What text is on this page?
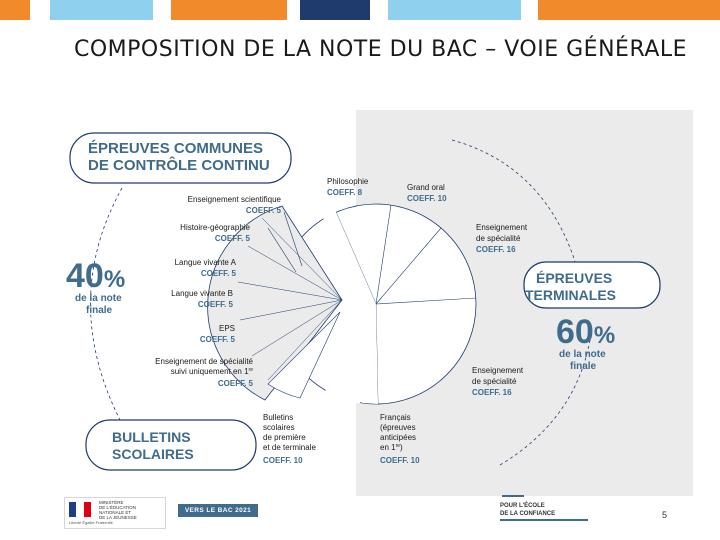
COMPOSITION DE LA NOTE DU BAC – VOIE GÉNÉRALE
ÉPREUVES COMMUNES
DE CONTRÔLE CONTINU
40%
de la note
finale
Enseignement scientifique
COEFF. 5
Histoire-géographie
COEFF. 5
Langue vivante A
COEFF. 5
Langue vivante B
COEFF. 5
EPS
COEFF. 5
Enseignement de spécialité
suivi uniquement en 1re
COEFF. 5
Bulletins
scolaires
de première
et de terminale
COEFF. 10
BULLETINS
SCOLAIRES
Philosophie
COEFF. 8
Grand oral
COEFF. 10
Enseignement
de spécialité
COEFF. 16
ÉPREUVES
TERMINALES
60%
de la note
finale
Enseignement
de spécialité
COEFF. 16
Français
(épreuves
anticipées
en 1re)
COEFF. 10
MINISTÈRE
DE L'ÉDUCATION
NATIONALE ET
DE LA JEUNESSE
Liberté Égalité Fraternité
VERS LE BAC 2021
POUR L'ÉCOLE
DE LA CONFIANCE	5
